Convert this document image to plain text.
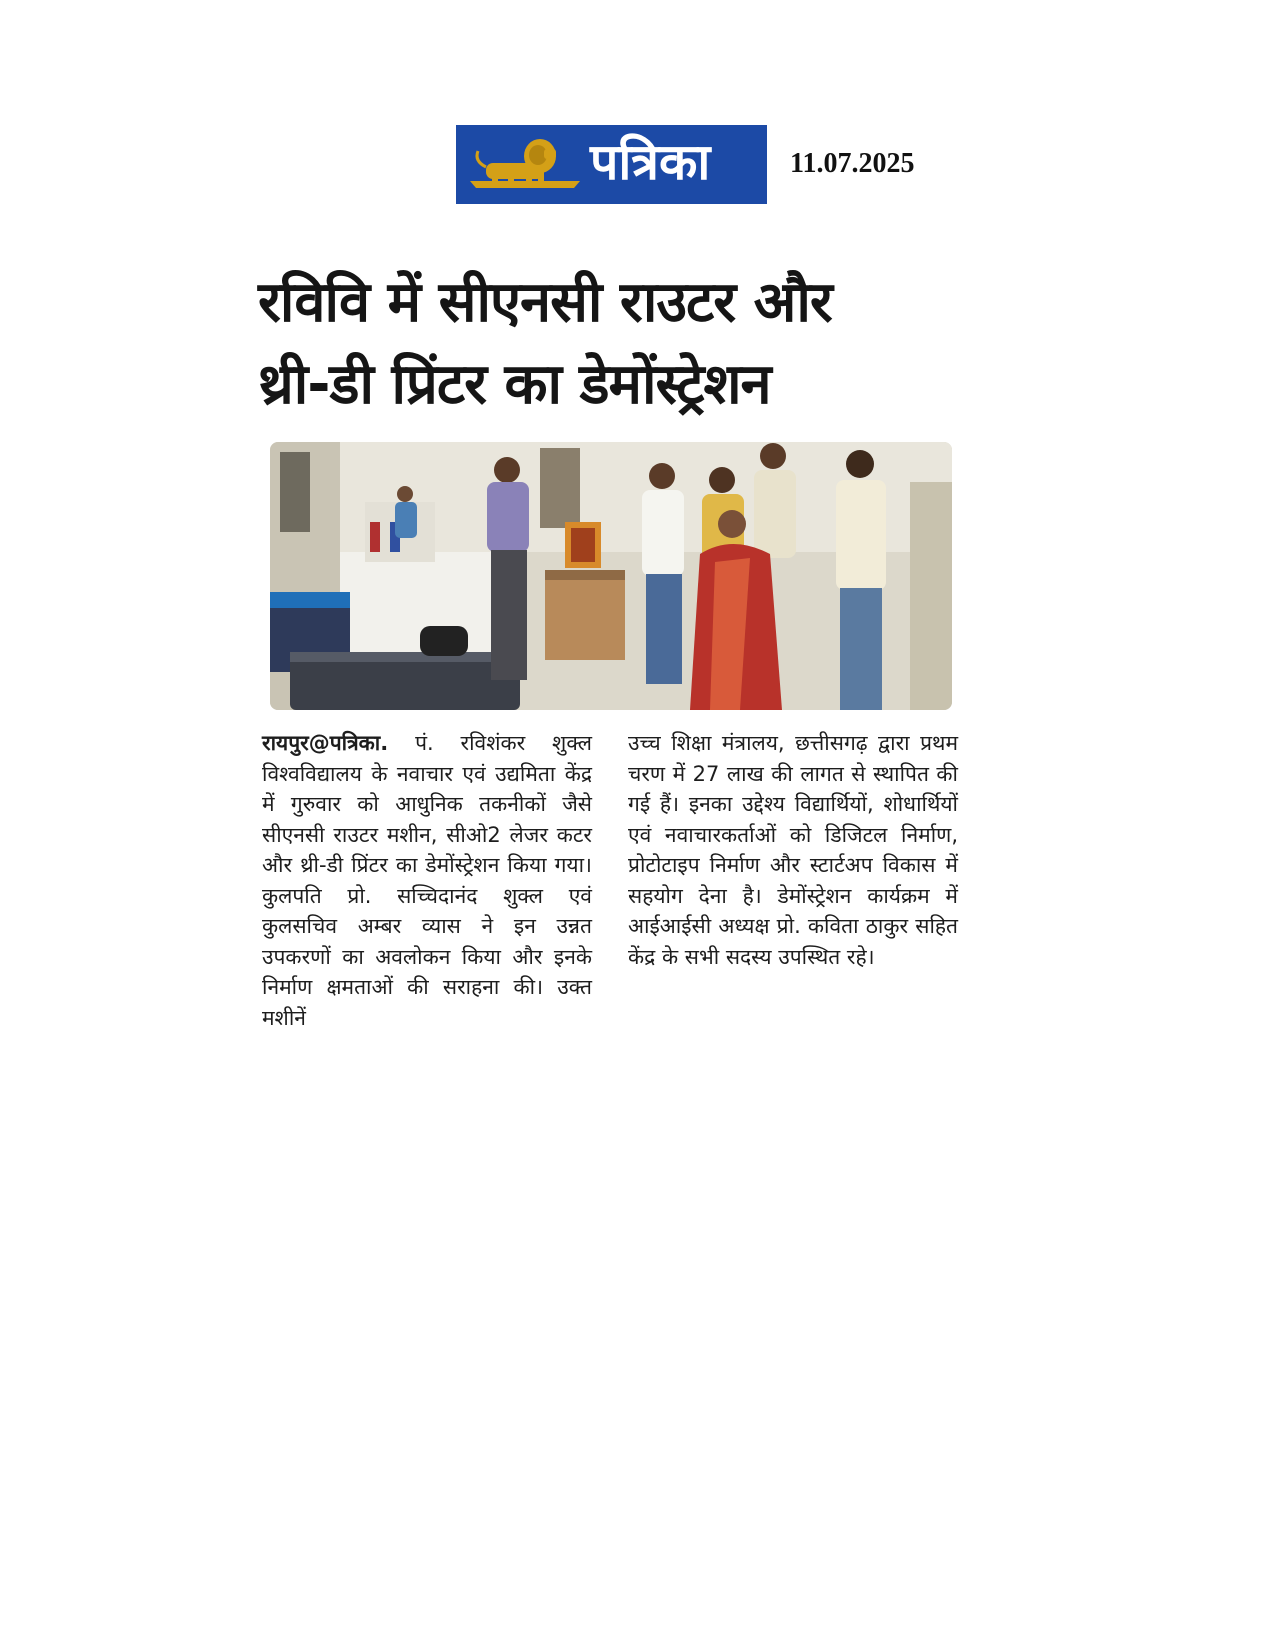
पत्रिका	11.07.2025
रविवि में सीएनसी राउटर और
थ्री-डी प्रिंटर का डेमोंस्ट्रेशन

रायपुर@पत्रिका. पं. रविशंकर शुक्ल विश्वविद्यालय के नवाचार एवं उद्यमिता केंद्र में गुरुवार को आधुनिक तकनीकों जैसे सीएनसी राउटर मशीन, सीओ2 लेजर कटर और थ्री-डी प्रिंटर का डेमोंस्ट्रेशन किया गया। कुलपति प्रो. सच्चिदानंद शुक्ल एवं कुलसचिव अम्बर व्यास ने इन उन्नत उपकरणों का अवलोकन किया और इनके निर्माण क्षमताओं की सराहना की। उक्त मशीनें

उच्च शिक्षा मंत्रालय, छत्तीसगढ़ द्वारा प्रथम चरण में 27 लाख की लागत से स्थापित की गई हैं। इनका उद्देश्य विद्यार्थियों, शोधार्थियों एवं नवाचारकर्ताओं को डिजिटल निर्माण, प्रोटोटाइप निर्माण और स्टार्टअप विकास में सहयोग देना है। डेमोंस्ट्रेशन कार्यक्रम में आईआईसी अध्यक्ष प्रो. कविता ठाकुर सहित केंद्र के सभी सदस्य उपस्थित रहे।
